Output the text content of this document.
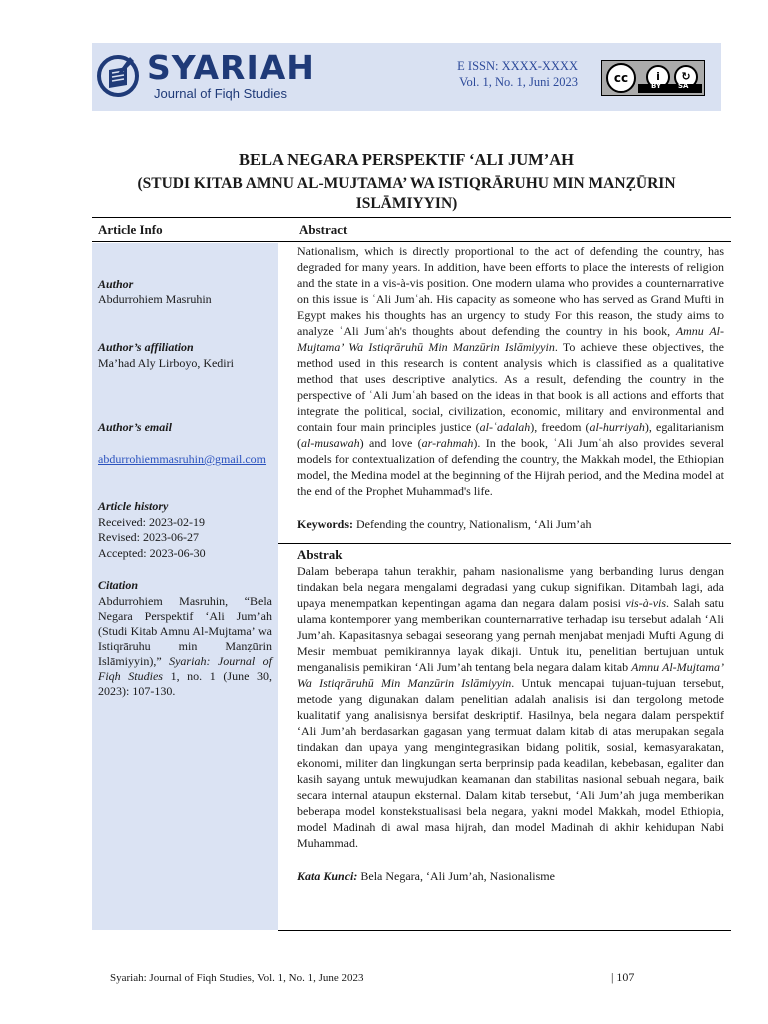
SYARIAH
Journal of Fiqh Studies
E ISSN: XXXX-XXXX
Vol. 1, No. 1, Juni 2023	cc	i	↻
BY SA
BELA NEGARA PERSPEKTIF ‘ALI JUM’AH
(STUDI KITAB AMNU AL-MUJTAMA’ WA ISTIQRĀRUHU MIN MANẒŪRIN ISLĀMIYYIN)
Article Info	Abstract
Author
Abdurrohiem Masruhin
Author’s affiliation
Ma’had Aly Lirboyo, Kediri
Author’s email
abdurrohiemmasruhin@gmail.com
Article history
Received: 2023-02-19
Revised: 2023-06-27
Accepted: 2023-06-30
Citation
Abdurrohiem Masruhin, “Bela Negara Perspektif ‘Ali Jum’ah (Studi Kitab Amnu Al-Mujtama’ wa Istiqrāruhu min Manẓūrin Islāmiyyin),” Syariah: Journal of Fiqh Studies 1, no. 1 (June 30, 2023): 107-130.
Nationalism, which is directly proportional to the act of defending the country, has degraded for many years. In addition, have been efforts to place the interests of religion and the state in a vis-à-vis position. One modern ulama who provides a counternarrative on this issue is ʿAli Jumʿah. His capacity as someone who has served as Grand Mufti in Egypt makes his thoughts has an urgency to study For this reason, the study aims to analyze ʿAli Jumʿah's thoughts about defending the country in his book, Amnu Al-Mujtama’ Wa Istiqrāruhū Min Manzūrin Islāmiyyin. To achieve these objectives, the method used in this research is content analysis which is classified as a qualitative method that uses descriptive analytics. As a result, defending the country in the perspective of ʿAli Jumʿah based on the ideas in that book is all actions and efforts that integrate the political, social, civilization, economic, military and environmental and contain four main principles justice (al-ʿadalah), freedom (al-hurriyah), egalitarianism (al-musawah) and love (ar-rahmah). In the book, ʿAli Jumʿah also provides several models for contextualization of defending the country, the Makkah model, the Ethiopian model, the Medina model at the beginning of the Hijrah period, and the Medina model at the end of the Prophet Muhammad's life.
Keywords: Defending the country, Nationalism, ‘Ali Jum’ah
Abstrak
Dalam beberapa tahun terakhir, paham nasionalisme yang berbanding lurus dengan tindakan bela negara mengalami degradasi yang cukup signifikan. Ditambah lagi, ada upaya menempatkan kepentingan agama dan negara dalam posisi vis-à-vis. Salah satu ulama kontemporer yang memberikan counternarrative terhadap isu tersebut adalah ‘Ali Jum’ah. Kapasitasnya sebagai seseorang yang pernah menjabat menjadi Mufti Agung di Mesir membuat pemikirannya layak dikaji. Untuk itu, penelitian bertujuan untuk menganalisis pemikiran ‘Ali Jum’ah tentang bela negara dalam kitab Amnu Al-Mujtama’ Wa Istiqrāruhū Min Manzūrin Islāmiyyin. Untuk mencapai tujuan-tujuan tersebut, metode yang digunakan dalam penelitian adalah analisis isi dan tergolong metode kualitatif yang analisisnya bersifat deskriptif. Hasilnya, bela negara dalam perspektif ‘Ali Jum’ah berdasarkan gagasan yang termuat dalam kitab di atas merupakan segala tindakan dan upaya yang mengintegrasikan bidang politik, sosial, kemasyarakatan, ekonomi, militer dan lingkungan serta berprinsip pada keadilan, kebebasan, egaliter dan kasih sayang untuk mewujudkan keamanan dan stabilitas nasional sebuah negara, baik secara internal ataupun eksternal. Dalam kitab tersebut, ‘Ali Jum’ah juga memberikan beberapa model konstekstualisasi bela negara, yakni model Makkah, model Ethiopia, model Madinah di awal masa hijrah, dan model Madinah di akhir kehidupan Nabi Muhammad.
Kata Kunci: Bela Negara, ‘Ali Jum’ah, Nasionalisme
Syariah: Journal of Fiqh Studies, Vol. 1, No. 1, June 2023	| 107
